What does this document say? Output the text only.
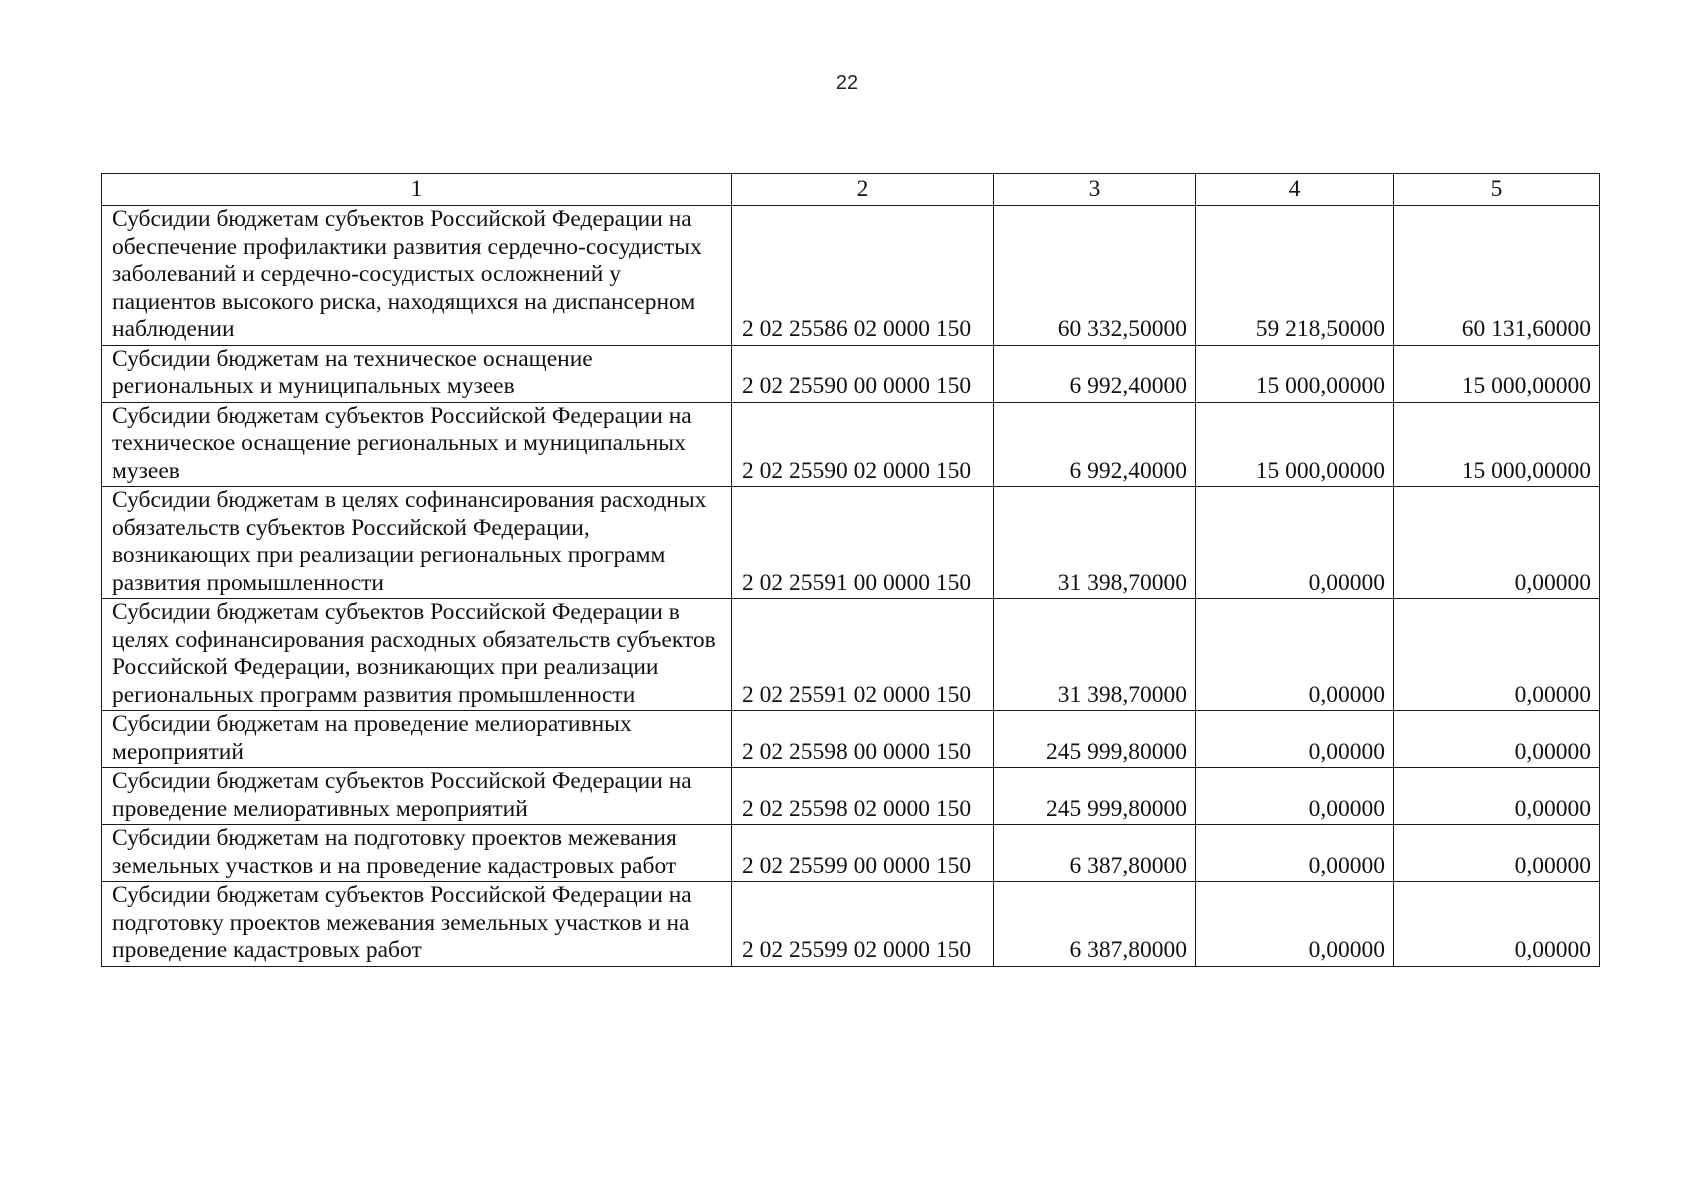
22
1	2	3	4	5
Субсидии бюджетам субъектов Российской Федерации на обеспечение профилактики развития сердечно-сосудистых заболеваний и сердечно-сосудистых осложнений у пациентов высокого риска, находящихся на диспансерном наблюдении	2 02 25586 02 0000 150	60 332,50000	59 218,50000	60 131,60000
Субсидии бюджетам на техническое оснащение региональных и муниципальных музеев	2 02 25590 00 0000 150	6 992,40000	15 000,00000	15 000,00000
Субсидии бюджетам субъектов Российской Федерации на техническое оснащение региональных и муниципальных музеев	2 02 25590 02 0000 150	6 992,40000	15 000,00000	15 000,00000
Субсидии бюджетам в целях софинансирования расходных обязательств субъектов Российской Федерации, возникающих при реализации региональных программ развития промышленности	2 02 25591 00 0000 150	31 398,70000	0,00000	0,00000
Субсидии бюджетам субъектов Российской Федерации в целях софинансирования расходных обязательств субъектов Российской Федерации, возникающих при реализации региональных программ развития промышленности	2 02 25591 02 0000 150	31 398,70000	0,00000	0,00000
Субсидии бюджетам на проведение мелиоративных мероприятий	2 02 25598 00 0000 150	245 999,80000	0,00000	0,00000
Субсидии бюджетам субъектов Российской Федерации на проведение мелиоративных мероприятий	2 02 25598 02 0000 150	245 999,80000	0,00000	0,00000
Субсидии бюджетам на подготовку проектов межевания земельных участков и на проведение кадастровых работ	2 02 25599 00 0000 150	6 387,80000	0,00000	0,00000
Субсидии бюджетам субъектов Российской Федерации на подготовку проектов межевания земельных участков и на проведение кадастровых работ	2 02 25599 02 0000 150	6 387,80000	0,00000	0,00000
